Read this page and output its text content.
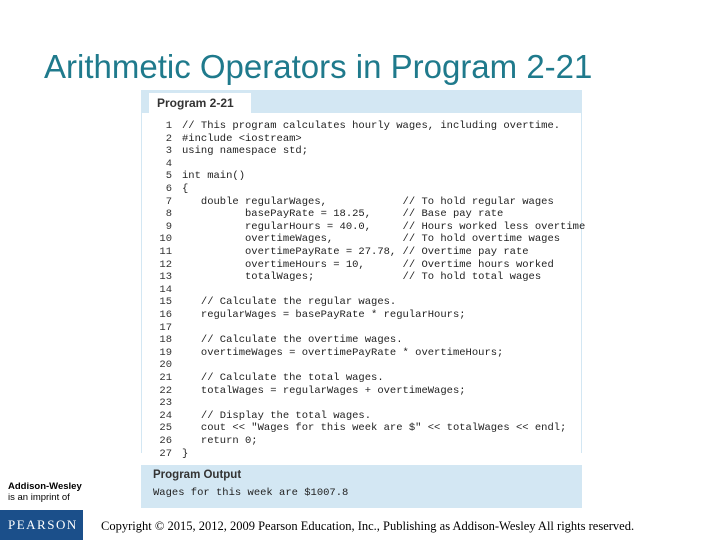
Arithmetic Operators in Program 2-21
Program 2-21
1 // This program calculates hourly wages, including overtime.
2 #include <iostream>
3 using namespace std;
4
5 int main()
6 {
7 double regularWages,            // To hold regular wages
8 basePayRate = 18.25,     // Base pay rate
9 regularHours = 40.0,     // Hours worked less overtime
10 overtimeWages,           // To hold overtime wages
11 overtimePayRate = 27.78, // Overtime pay rate
12 overtimeHours = 10,      // Overtime hours worked
13 totalWages;              // To hold total wages
14
15 // Calculate the regular wages.
16 regularWages = basePayRate * regularHours;
17
18 // Calculate the overtime wages.
19 overtimeWages = overtimePayRate * overtimeHours;
20
21 // Calculate the total wages.
22 totalWages = regularWages + overtimeWages;
23
24 // Display the total wages.
25 cout << "Wages for this week are $" << totalWages << endl;
26 return 0;
27 }
Program Output
Wages for this week are $1007.8
Addison-Wesley
is an imprint of
PEARSON Copyright © 2015, 2012, 2009 Pearson Education, Inc., Publishing as Addison-Wesley All rights reserved.
